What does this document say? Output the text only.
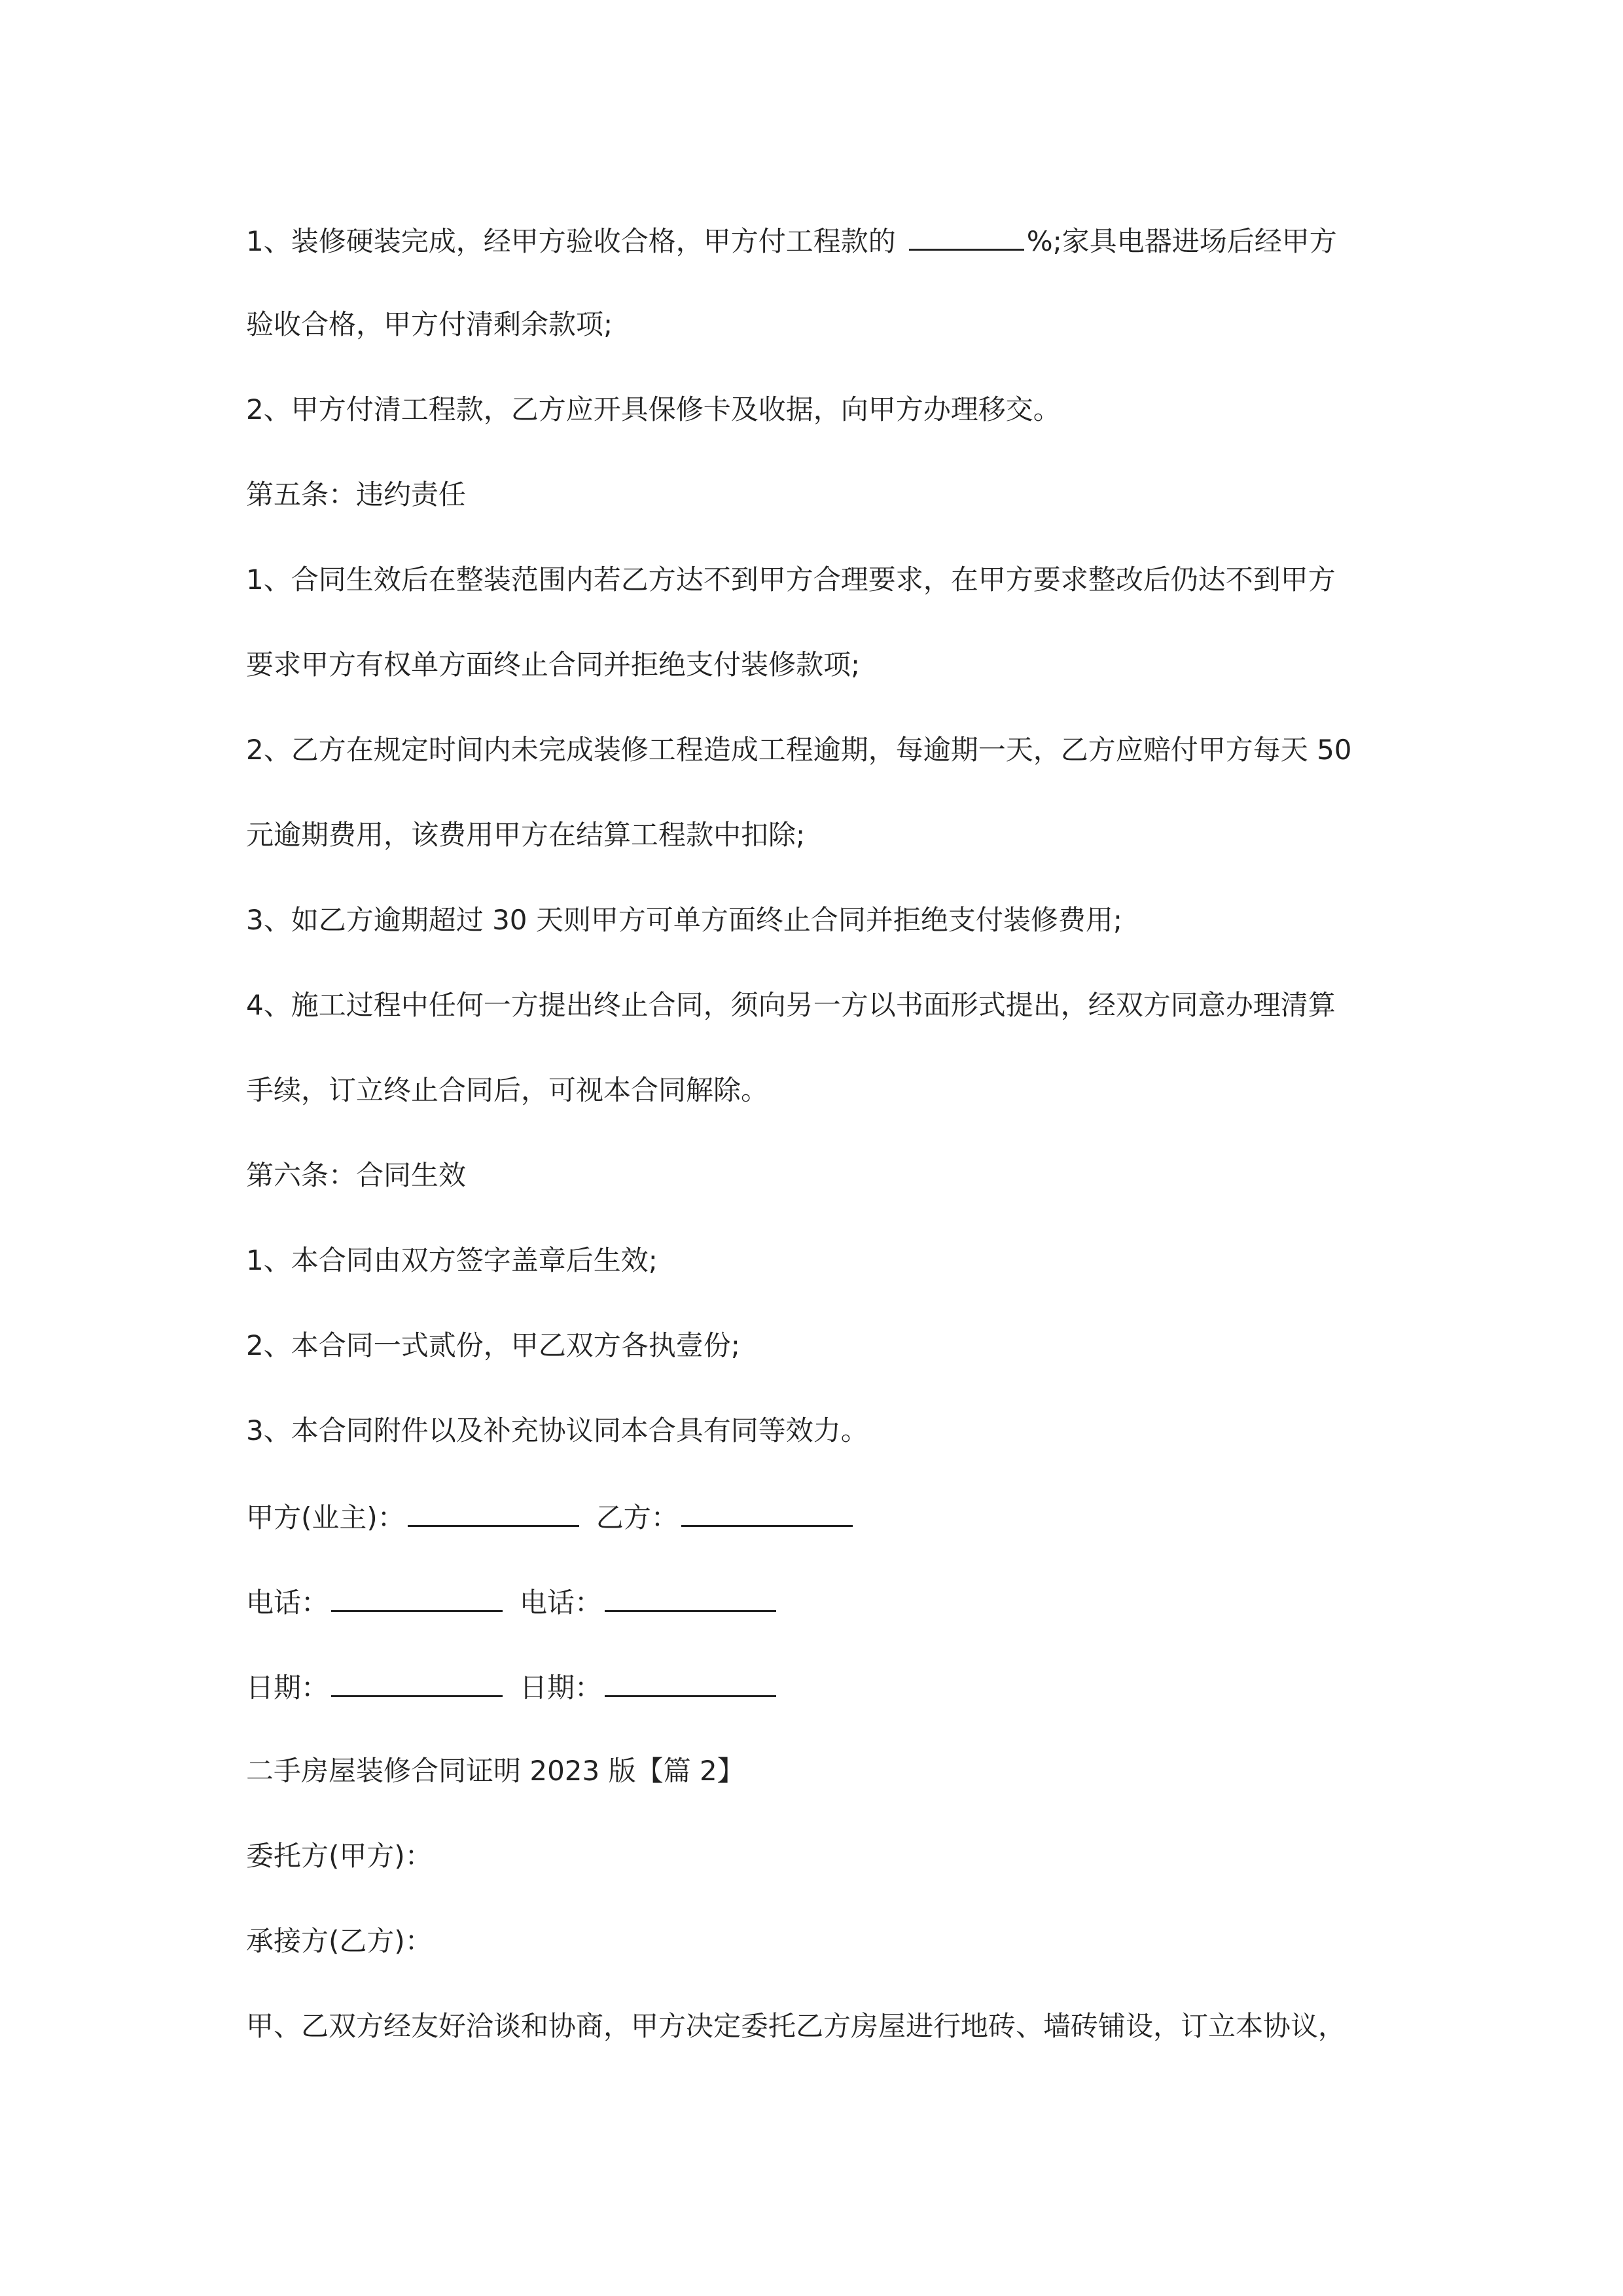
1、装修硬装完成，经甲方验收合格，甲方付工程款的	%;家具电器进场后经甲方
验收合格，甲方付清剩余款项;
2、甲方付清工程款，乙方应开具保修卡及收据，向甲方办理移交。
第五条：违约责任
1、合同生效后在整装范围内若乙方达不到甲方合理要求，在甲方要求整改后仍达不到甲方
要求甲方有权单方面终止合同并拒绝支付装修款项;
2、乙方在规定时间内未完成装修工程造成工程逾期，每逾期一天，乙方应赔付甲方每天 50
元逾期费用，该费用甲方在结算工程款中扣除;
3、如乙方逾期超过 30 天则甲方可单方面终止合同并拒绝支付装修费用;
4、施工过程中任何一方提出终止合同，须向另一方以书面形式提出，经双方同意办理清算
手续，订立终止合同后，可视本合同解除。
第六条：合同生效
1、本合同由双方签字盖章后生效;
2、本合同一式贰份，甲乙双方各执壹份;
3、本合同附件以及补充协议同本合具有同等效力。
甲方(业主)：	乙方：
电话：	电话：
日期：	日期：
二手房屋装修合同证明 2023 版【篇 2】
委托方(甲方)：
承接方(乙方)：
甲、乙双方经友好洽谈和协商，甲方决定委托乙方房屋进行地砖、墙砖铺设，订立本协议，
